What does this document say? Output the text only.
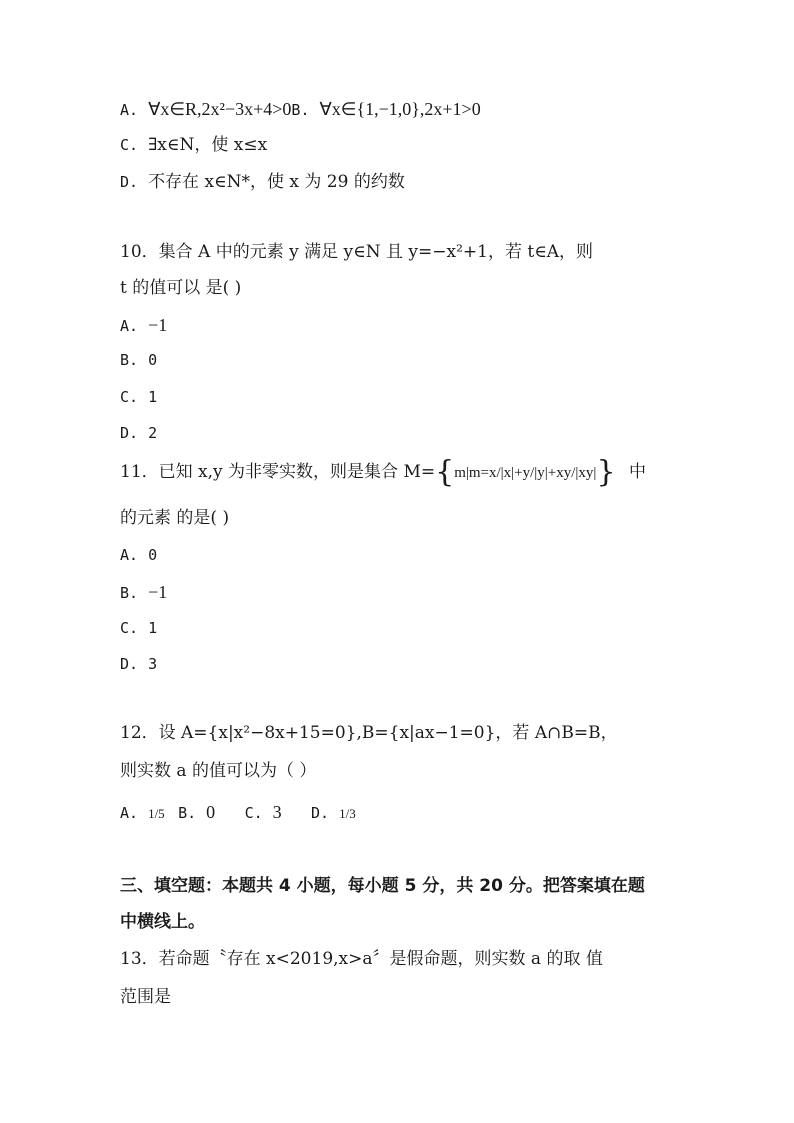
A. ∀x∈R,2x²−3x+4>0B. ∀x∈{1,−1,0},2x+1>0
C. ∃x∈N，使 x≤x
D. 不存在 x∈N*，使 x 为 29 的约数
10．集合 A 中的元素 y 满足 y∈N 且 y=−x²+1，若 t∈A，则
t 的值可以 是( )
A. −1
B. 0
C. 1
D. 2
11．已知 x,y 为非零实数，则是集合 M={m|m=x/|x|+y/|y|+xy/|xy|} 中
的元素 的是( )
A. 0
B. −1
C. 1
D. 3
12．设 A={x|x²−8x+15=0},B={x|ax−1=0}，若 A∩B=B，
则实数 a 的值可以为（ ）
A. 1/5 B. 0 C. 3 D. 1/3
三、填空题：本题共 4 小题，每小题 5 分，共 20 分。把答案填在题
中横线上。
13．若命题〝存在 x<2019,x>a〞是假命题，则实数 a 的取 值
范围是
